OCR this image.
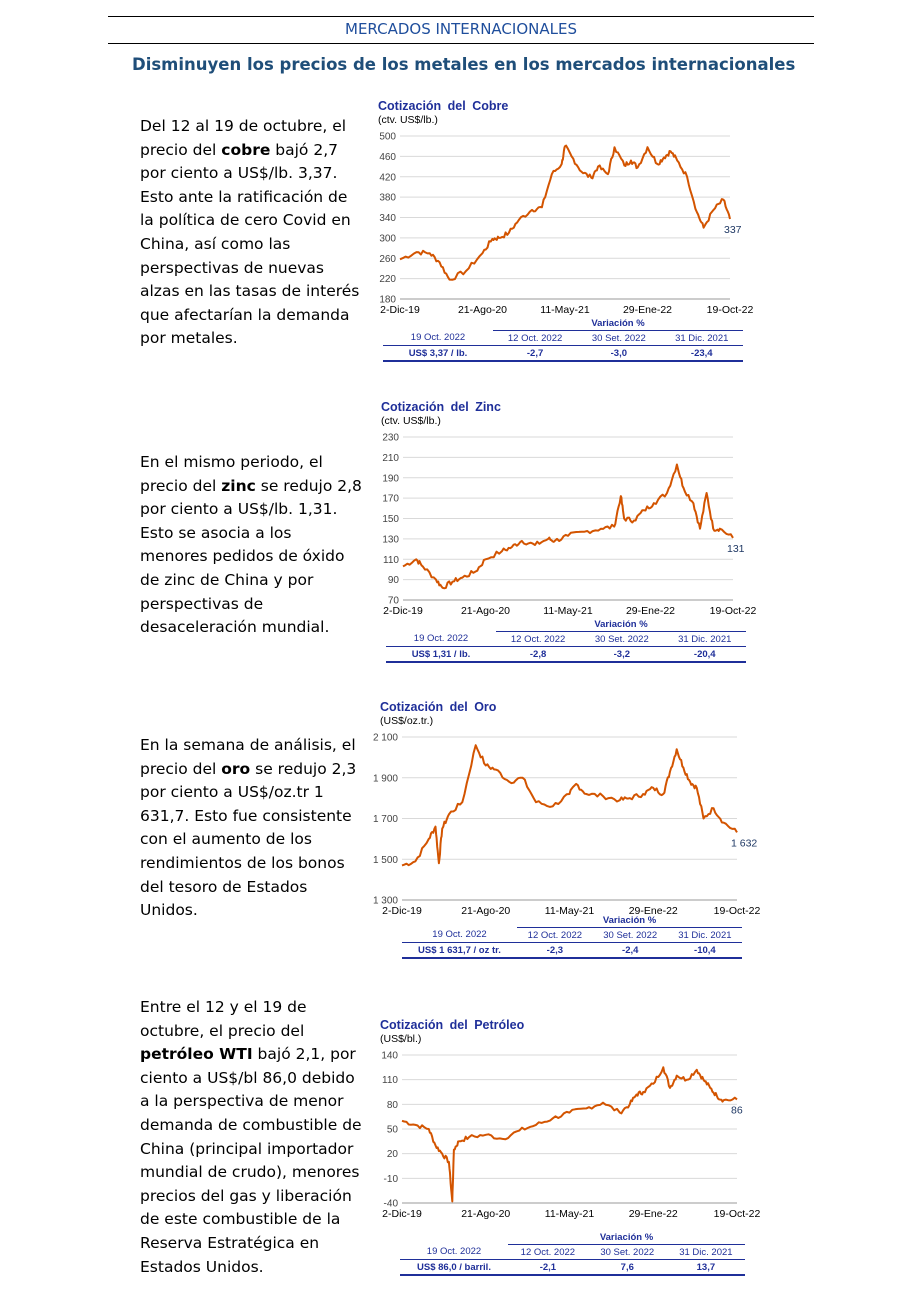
MERCADOS INTERNACIONALES
Disminuyen los precios de los metales en los mercados internacionales
Del 12 al 19 de octubre, el precio del cobre bajó 2,7 por ciento a US$/lb. 3,37. Esto ante la ratificación de la política de cero Covid en China, así como las perspectivas de nuevas alzas en las tasas de interés que afectarían la demanda por metales.
Cotización del Cobre
(ctv. US$/lb.)
180
220
260
300
340
380
420
460
500
2-Dic-19	21-Ago-20	11-May-21	29-Ene-22	19-Oct-22
337
	Variación %		
19 Oct. 2022	12 Oct. 2022	30 Set. 2022	31 Dic. 2021
US$ 3,37 / lb.	-2,7	-3,0	-23,4
En el mismo periodo, el precio del zinc se redujo 2,8 por ciento a US$/lb. 1,31. Esto se asocia a los menores pedidos de óxido de zinc de China y por perspectivas de desaceleración mundial.
Cotización del Zinc
(ctv. US$/lb.)
70
90
110
130
150
170
190
210
230
2-Dic-19	21-Ago-20	11-May-21	29-Ene-22	19-Oct-22
131
	Variación %		
19 Oct. 2022	12 Oct. 2022	30 Set. 2022	31 Dic. 2021
US$ 1,31 / lb.	-2,8	-3,2	-20,4
En la semana de análisis, el precio del oro se redujo 2,3 por ciento a US$/oz.tr 1 631,7. Esto fue consistente con el aumento de los rendimientos de los bonos del tesoro de Estados Unidos.
Cotización del Oro
(US$/oz.tr.)
1 300
1 500
1 700
1 900
2 100
2-Dic-19	21-Ago-20	11-May-21	29-Ene-22	19-Oct-22
1 632
	Variación %		
19 Oct. 2022	12 Oct. 2022	30 Set. 2022	31 Dic. 2021
US$ 1 631,7 / oz tr.	-2,3	-2,4	-10,4
Entre el 12 y el 19 de octubre, el precio del petróleo WTI bajó 2,1, por ciento a US$/bl 86,0 debido a la perspectiva de menor demanda de combustible de China (principal importador mundial de crudo), menores precios del gas y liberación de este combustible de la Reserva Estratégica en Estados Unidos.
Cotización del Petróleo
(US$/bl.)
-40
-10
20
50
80
110
140
2-Dic-19	21-Ago-20	11-May-21	29-Ene-22	19-Oct-22
86
	Variación %		
19 Oct. 2022	12 Oct. 2022	30 Set. 2022	31 Dic. 2021
US$ 86,0 / barril.	-2,1	7,6	13,7
